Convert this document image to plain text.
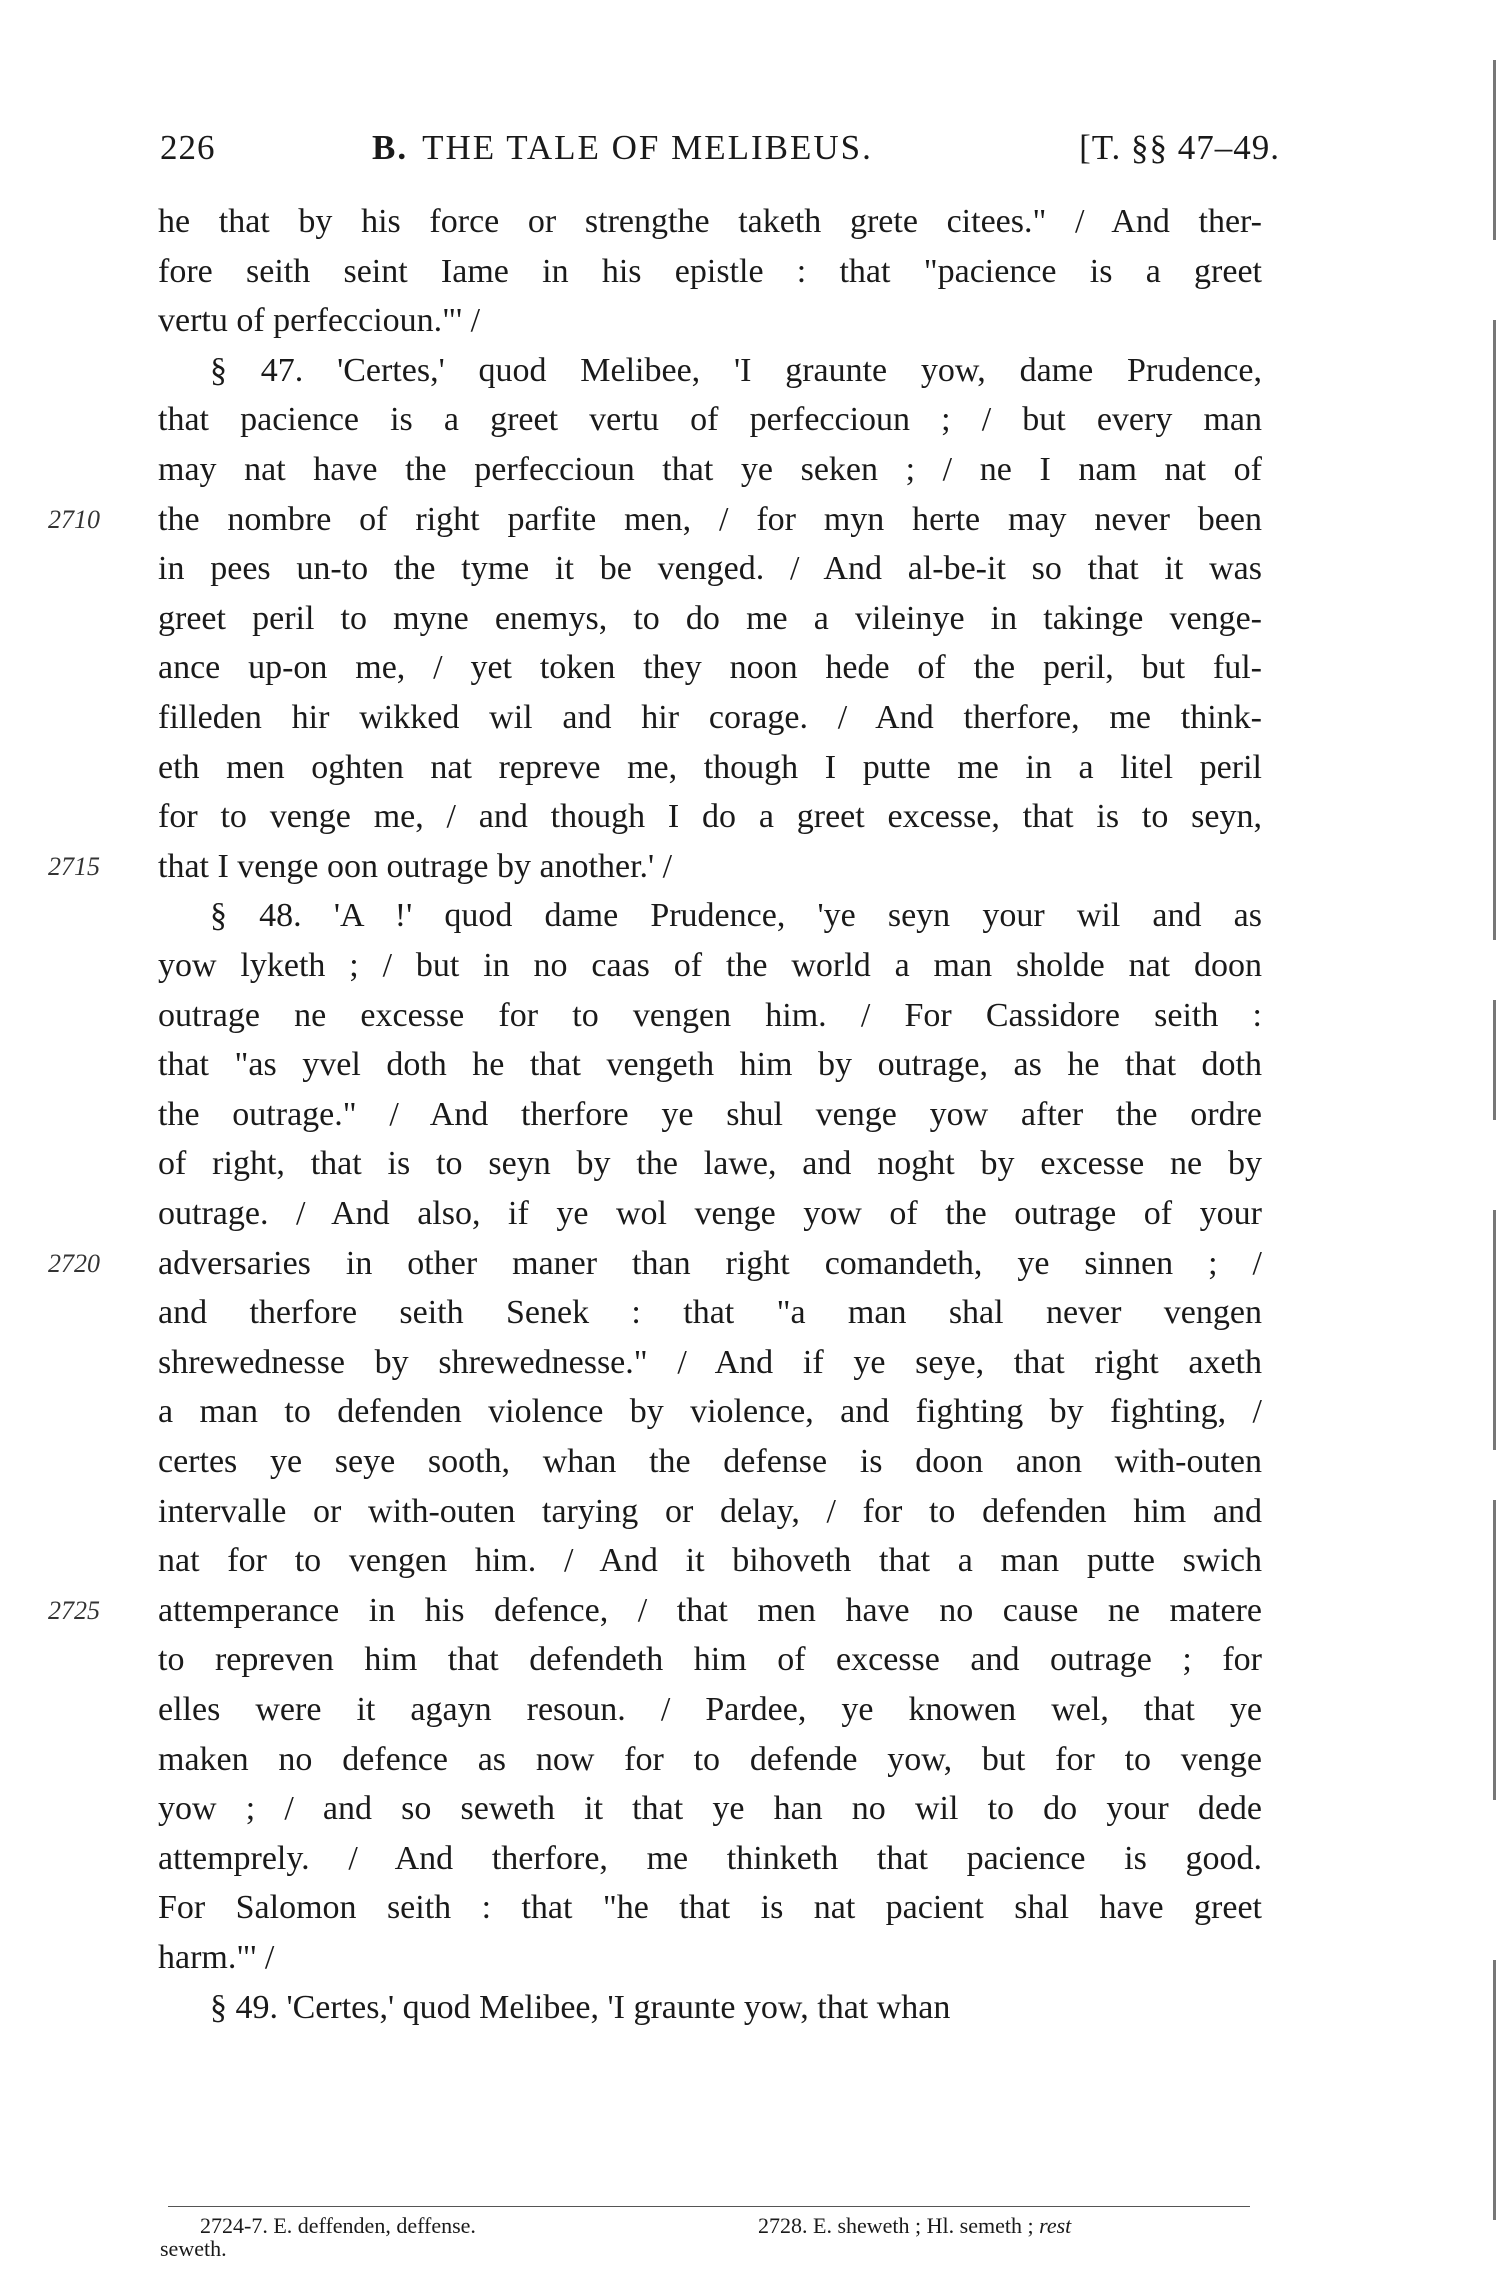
226	B. THE TALE OF MELIBEUS.	[T. §§ 47–49.
he that by his force or strengthe taketh grete citees." / And ther-
fore seith seint Iame in his epistle : that "pacience is a greet
vertu of perfeccioun."' /
§ 47. 'Certes,' quod Melibee, 'I graunte yow, dame Prudence,
that pacience is a greet vertu of perfeccioun ; / but every man
may nat have the perfeccioun that ye seken ; / ne I nam nat of
the nombre of right parfite men, / for myn herte may never been
2710
in pees un-to the tyme it be venged. / And al-be-it so that it was
greet peril to myne enemys, to do me a vileinye in takinge venge-
ance up-on me, / yet token they noon hede of the peril, but ful-
filleden hir wikked wil and hir corage. / And therfore, me think-
eth men oghten nat repreve me, though I putte me in a litel peril
for to venge me, / and though I do a greet excesse, that is to seyn,
that I venge oon outrage by another.' /
2715
§ 48. 'A !' quod dame Prudence, 'ye seyn your wil and as
yow lyketh ; / but in no caas of the world a man sholde nat doon
outrage ne excesse for to vengen him. / For Cassidore seith :
that "as yvel doth he that vengeth him by outrage, as he that doth
the outrage." / And therfore ye shul venge yow after the ordre
of right, that is to seyn by the lawe, and noght by excesse ne by
outrage. / And also, if ye wol venge yow of the outrage of your
adversaries in other maner than right comandeth, ye sinnen ; /
2720
and therfore seith Senek : that "a man shal never vengen
shrewednesse by shrewednesse." / And if ye seye, that right axeth
a man to defenden violence by violence, and fighting by fighting, /
certes ye seye sooth, whan the defense is doon anon with-outen
intervalle or with-outen tarying or delay, / for to defenden him and
nat for to vengen him. / And it bihoveth that a man putte swich
attemperance in his defence, / that men have no cause ne matere
2725
to repreven him that defendeth him of excesse and outrage ; for
elles were it agayn resoun. / Pardee, ye knowen wel, that ye
maken no defence as now for to defende yow, but for to venge
yow ; / and so seweth it that ye han no wil to do your dede
attemprely. / And therfore, me thinketh that pacience is good.
For Salomon seith : that "he that is nat pacient shal have greet
harm."' /
§ 49. 'Certes,' quod Melibee, 'I graunte yow, that whan
2724-7. E. deffenden, deffense.	2728. E. sheweth ; Hl. semeth ; rest
seweth.
